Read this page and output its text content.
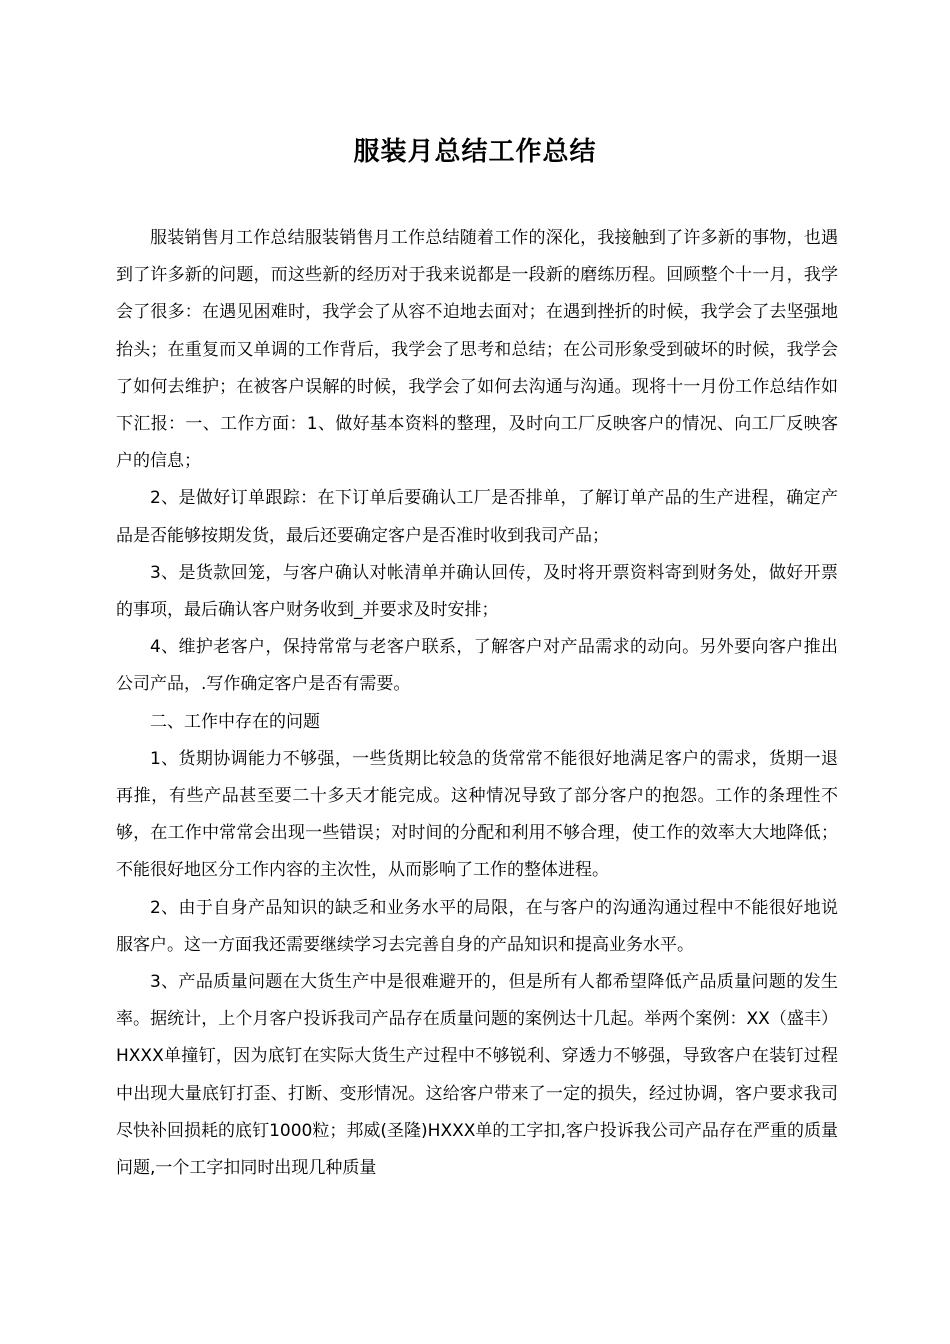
服装月总结工作总结

服装销售月工作总结服装销售月工作总结随着工作的深化，我接触到了许多新的事物，也遇到了许多新的问题，而这些新的经历对于我来说都是一段新的磨练历程。回顾整个十一月，我学会了很多：在遇见困难时，我学会了从容不迫地去面对；在遇到挫折的时候，我学会了去坚强地抬头；在重复而又单调的工作背后，我学会了思考和总结；在公司形象受到破坏的时候，我学会了如何去维护；在被客户误解的时候，我学会了如何去沟通与沟通。现将十一月份工作总结作如下汇报：一、工作方面：1、做好基本资料的整理，及时向工厂反映客户的情况、向工厂反映客户的信息；

2、是做好订单跟踪：在下订单后要确认工厂是否排单，了解订单产品的生产进程，确定产品是否能够按期发货，最后还要确定客户是否准时收到我司产品；

3、是货款回笼，与客户确认对帐清单并确认回传，及时将开票资料寄到财务处，做好开票的事项，最后确认客户财务收到_并要求及时安排；

4、维护老客户，保持常常与老客户联系，了解客户对产品需求的动向。另外要向客户推出公司产品，.写作确定客户是否有需要。

二、工作中存在的问题

1、货期协调能力不够强，一些货期比较急的货常常不能很好地满足客户的需求，货期一退再推，有些产品甚至要二十多天才能完成。这种情况导致了部分客户的抱怨。工作的条理性不够，在工作中常常会出现一些错误；对时间的分配和利用不够合理，使工作的效率大大地降低；不能很好地区分工作内容的主次性，从而影响了工作的整体进程。

2、由于自身产品知识的缺乏和业务水平的局限，在与客户的沟通沟通过程中不能很好地说服客户。这一方面我还需要继续学习去完善自身的产品知识和提高业务水平。

3、产品质量问题在大货生产中是很难避开的，但是所有人都希望降低产品质量问题的发生率。据统计，上个月客户投诉我司产品存在质量问题的案例达十几起。举两个案例：XX（盛丰）HXXX单撞钉，因为底钉在实际大货生产过程中不够锐利、穿透力不够强，导致客户在装钉过程中出现大量底钉打歪、打断、变形情况。这给客户带来了一定的损失，经过协调，客户要求我司尽快补回损耗的底钉1000粒；邦威(圣隆)HXXX单的工字扣,客户投诉我公司产品存在严重的质量问题,一个工字扣同时出现几种质量
